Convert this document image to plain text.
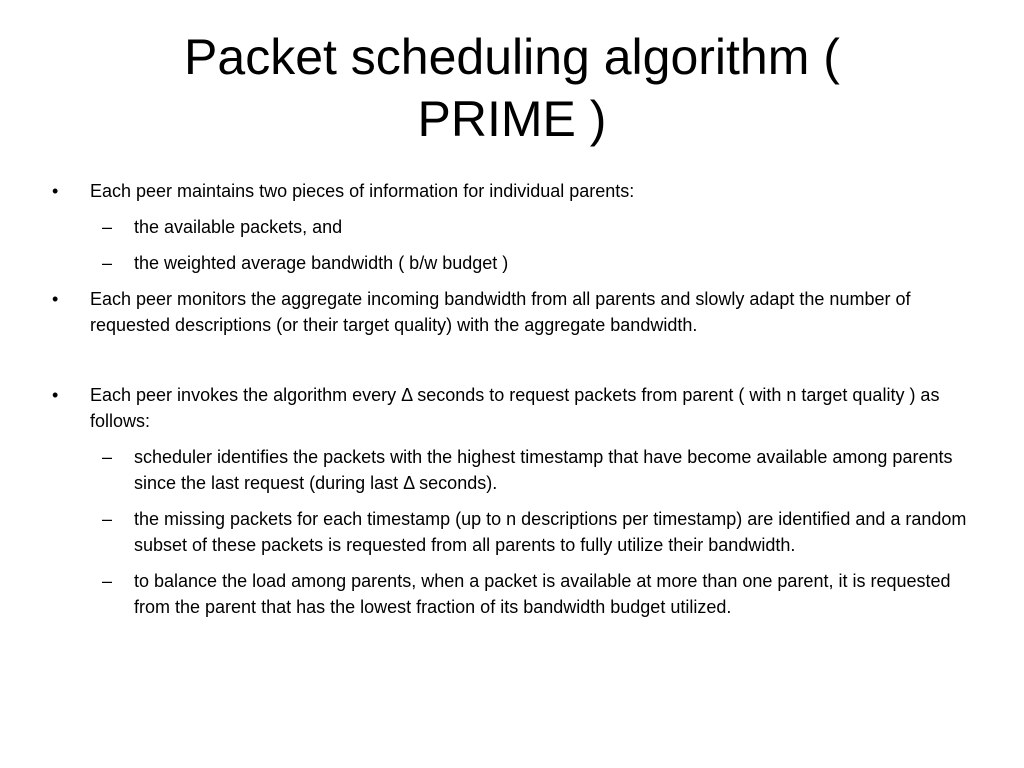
Packet scheduling algorithm (
PRIME )
•	Each peer maintains two pieces of information for individual parents:
–	the available packets, and
–	the weighted average bandwidth ( b/w budget )
•	Each peer monitors the aggregate incoming bandwidth from all parents and slowly adapt the number of requested descriptions (or their target quality) with the aggregate bandwidth.
•	Each peer invokes the algorithm every Δ seconds to request packets from parent ( with n target quality ) as follows:
–	scheduler identifies the packets with the highest timestamp that have become available among parents since the last request (during last Δ seconds).
–	the missing packets for each timestamp (up to n descriptions per timestamp) are identified and a random subset of these packets is requested from all parents to fully utilize their bandwidth.
–	to balance the load among parents, when a packet is available at more than one parent, it is requested from the parent that has the lowest fraction of its bandwidth budget utilized.
